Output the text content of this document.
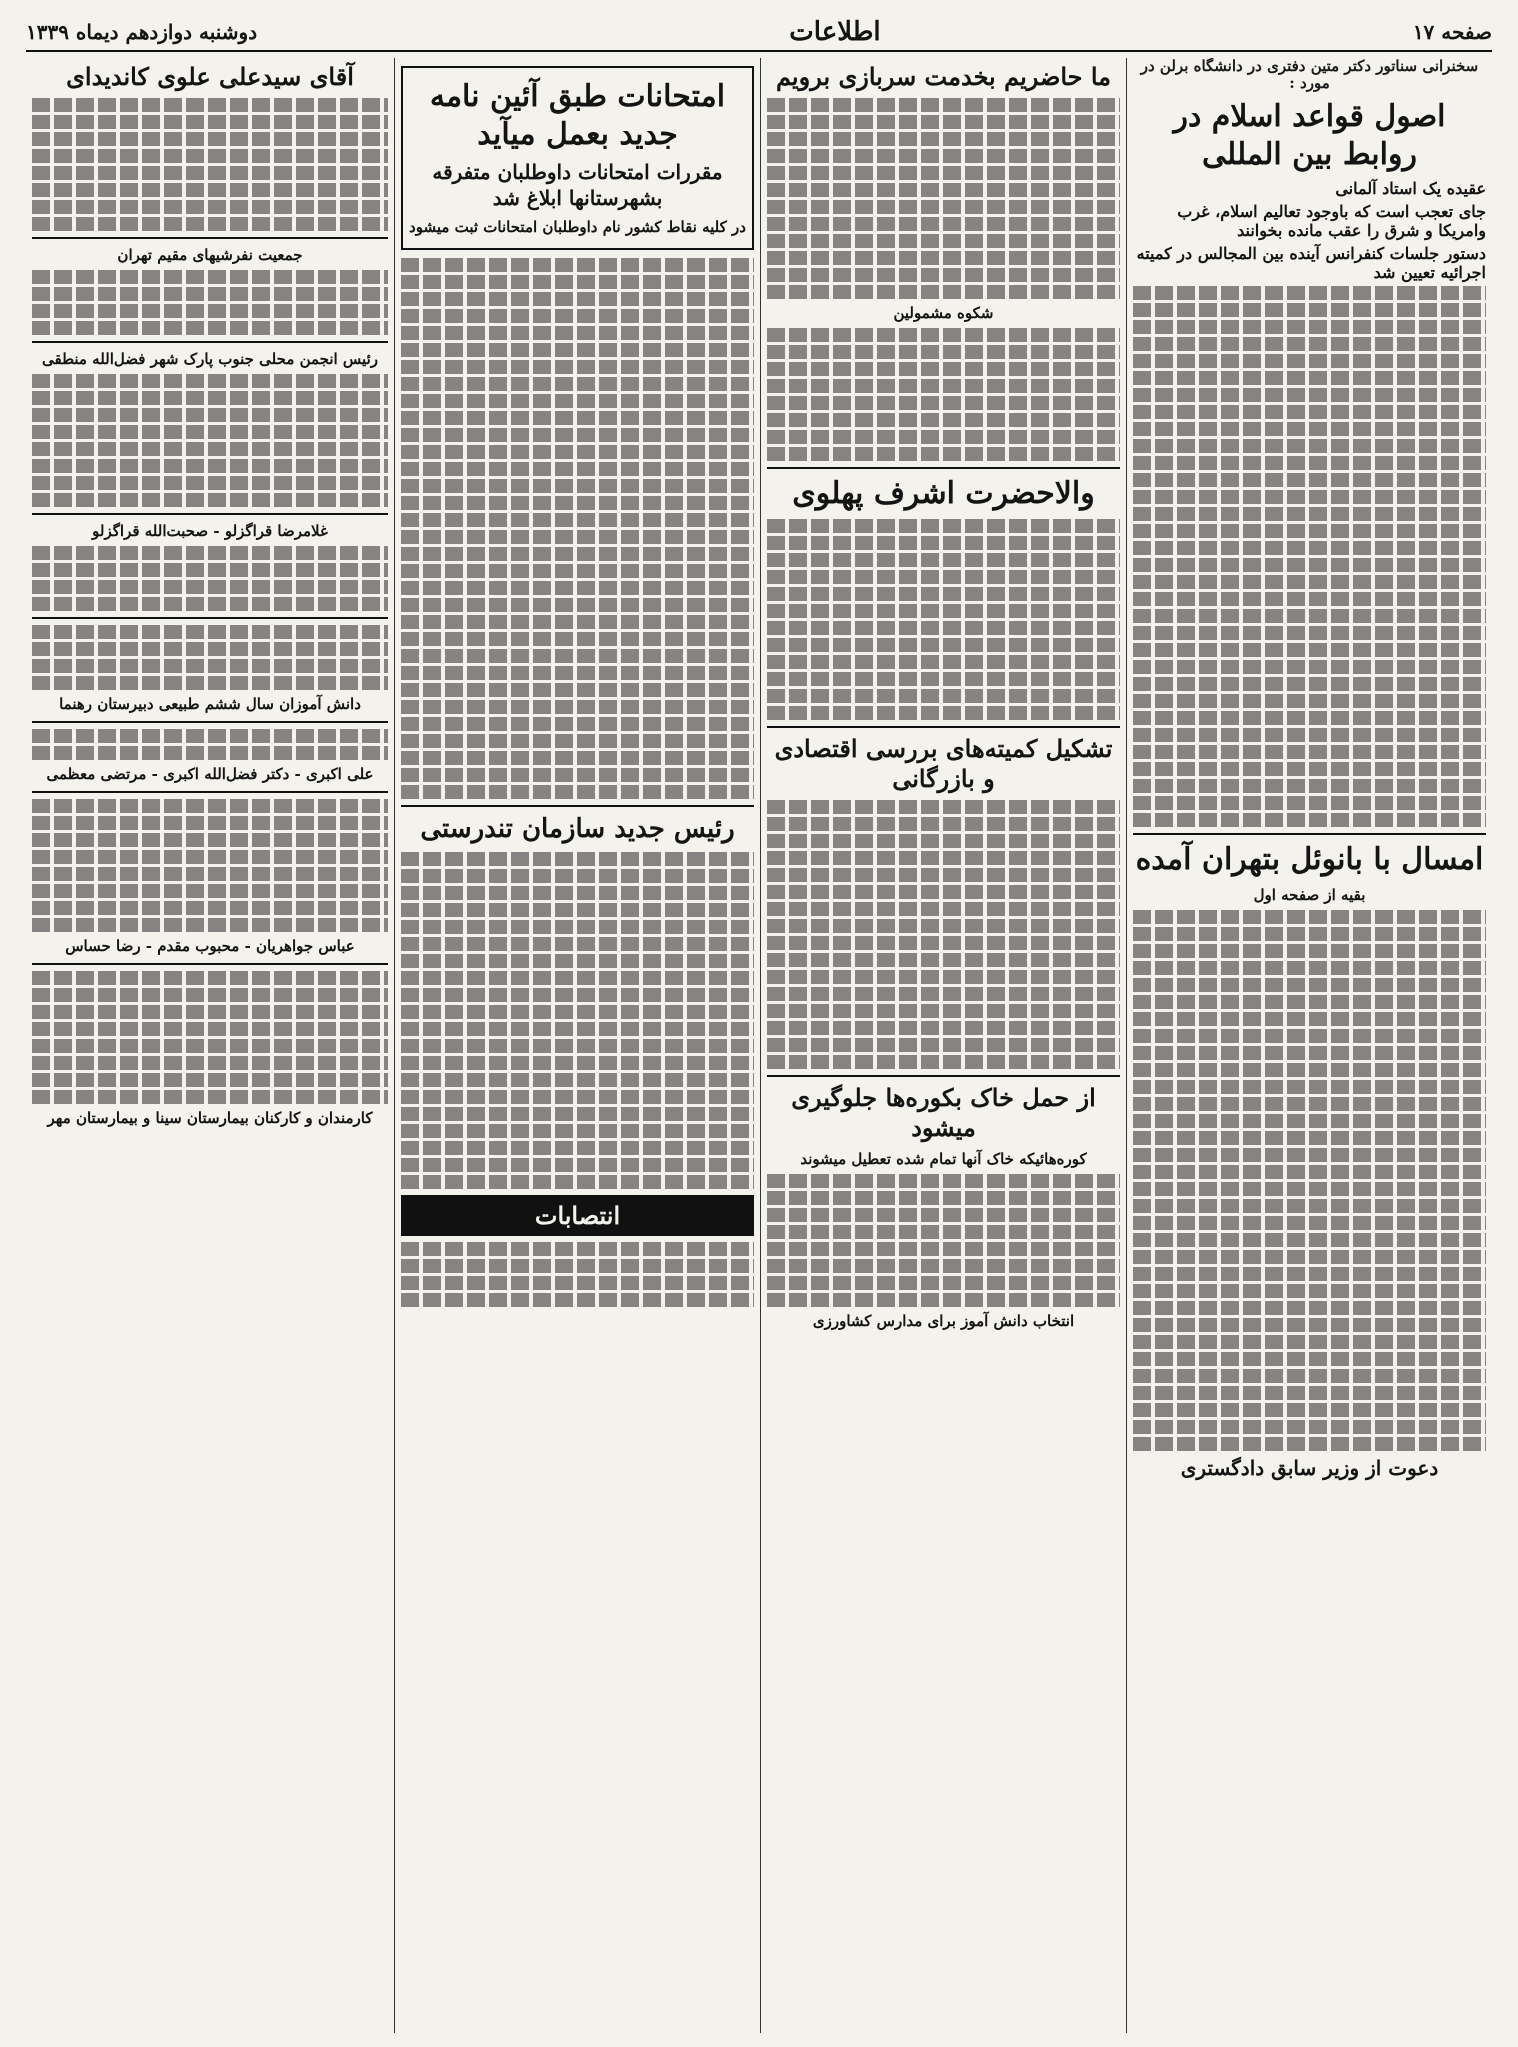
صفحه ۱۷
اطلاعات
دوشنبه دوازدهم دیماه ۱۳۳۹
سخنرانی سناتور دکتر متین دفتری در دانشگاه برلن در مورد :
اصول قواعد اسلام در روابط بین المللی
عقیده یک استاد آلمانی
جای تعجب است که باوجود تعالیم اسلام، غرب وامریکا و شرق را عقب مانده بخوانند
دستور جلسات کنفرانس آینده بین المجالس در کمیته اجرائیه تعیین شد
امسال با بانوئل بتهران آمده
بقیه از صفحه اول
دعوت از وزیر سابق دادگستری
ما حاضریم بخدمت سربازی برویم
شکوه مشمولین
والاحضرت اشرف پهلوی
تشکیل کمیته‌های بررسی اقتصادی و بازرگانی
از حمل خاک بکوره‌ها جلوگیری میشود
کوره‌هائیکه خاک آنها تمام شده تعطیل میشوند
انتخاب دانش آموز برای مدارس کشاورزی
امتحانات طبق آئین نامه جدید بعمل میآید
مقررات امتحانات داوطلبان متفرقه بشهرستانها ابلاغ شد
در کلیه نقاط کشور نام داوطلبان امتحانات ثبت میشود
رئیس جدید سازمان تندرستی
انتصابات
آقای سیدعلی علوی کاندیدای
جمعیت نفرشیهای مقیم تهران
رئیس انجمن محلی جنوب پارک شهر فضل‌الله منطقی
غلامرضا قراگزلو - صحبت‌الله قراگزلو
دانش آموزان سال ششم طبیعی دبیرستان رهنما
علی اکبری - دکتر فضل‌الله اکبری - مرتضی معظمی
عباس جواهریان - محبوب مقدم - رضا حساس
کارمندان و کارکنان بیمارستان سینا و بیمارستان مهر
